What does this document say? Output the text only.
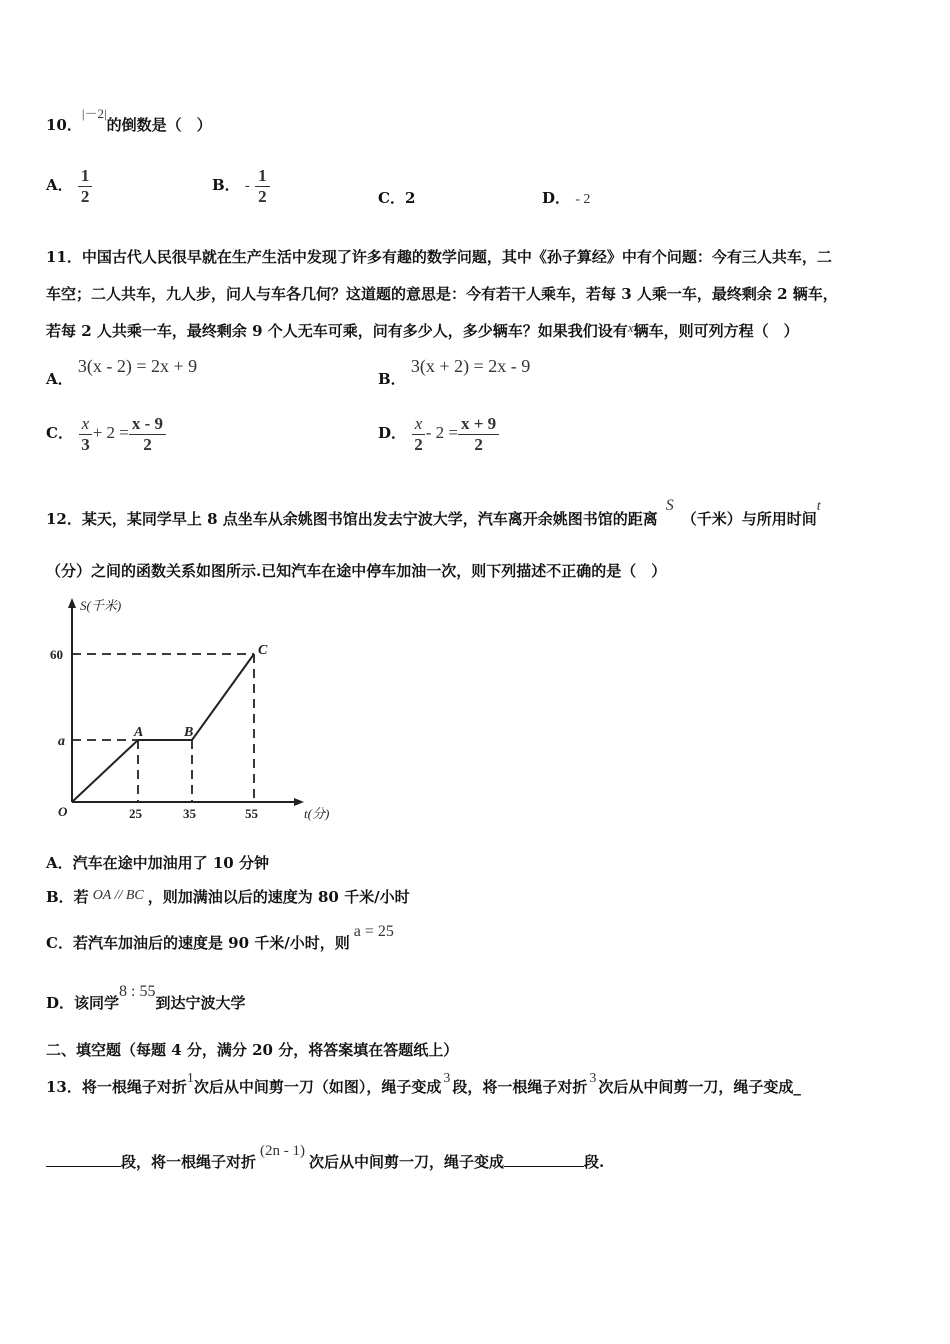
10．|－2|的倒数是（　）
A． $\frac{1}{2}$	B． - $\frac{1}{2}$	C．2	D． - 2
11．中国古代人民很早就在生产生活中发现了许多有趣的数学问题，其中《孙子算经》中有个问题：今有三人共车，二
车空；二人共车，九人步，问人与车各几何？这道题的意思是：今有若干人乘车，若每 3 人乘一车，最终剩余 2 辆车，
若每 2 人共乘一车，最终剩余 9 个人无车可乘，问有多少人，多少辆车？如果我们设有x辆车，则可列方程（　）
A． 3(x - 2) = 2x + 9
B． 3(x + 2) = 2x - 9
C． $\frac{x}{3} + 2 = \frac{x - 9}{2}$	D． $\frac{x}{2} - 2 = \frac{x + 9}{2}$
12．某天，某同学早上 8 点坐车从余姚图书馆出发去宁波大学，汽车离开余姚图书馆的距离S（千米）与所用时间t
（分）之间的函数关系如图所示.已知汽车在途中停车加油一次，则下列描述不正确的是（　）
S(千米)
t(分)
O
60
a
25	35	55
A	B
C
A．汽车在途中加油用了 10 分钟
B．若 OA // BC ，则加满油以后的速度为 80 千米/小时
C．若汽车加油后的速度是 90 千米/小时，则a = 25
D．该同学8 : 55到达宁波大学
二、填空题（每题 4 分，满分 20 分，将答案填在答题纸上）
13．将一根绳子对折1次后从中间剪一刀（如图），绳子变成 3 段，将一根绳子对折 3 次后从中间剪一刀，绳子变成_
段，将一根绳子对折(2n - 1)次后从中间剪一刀，绳子变成	段.
